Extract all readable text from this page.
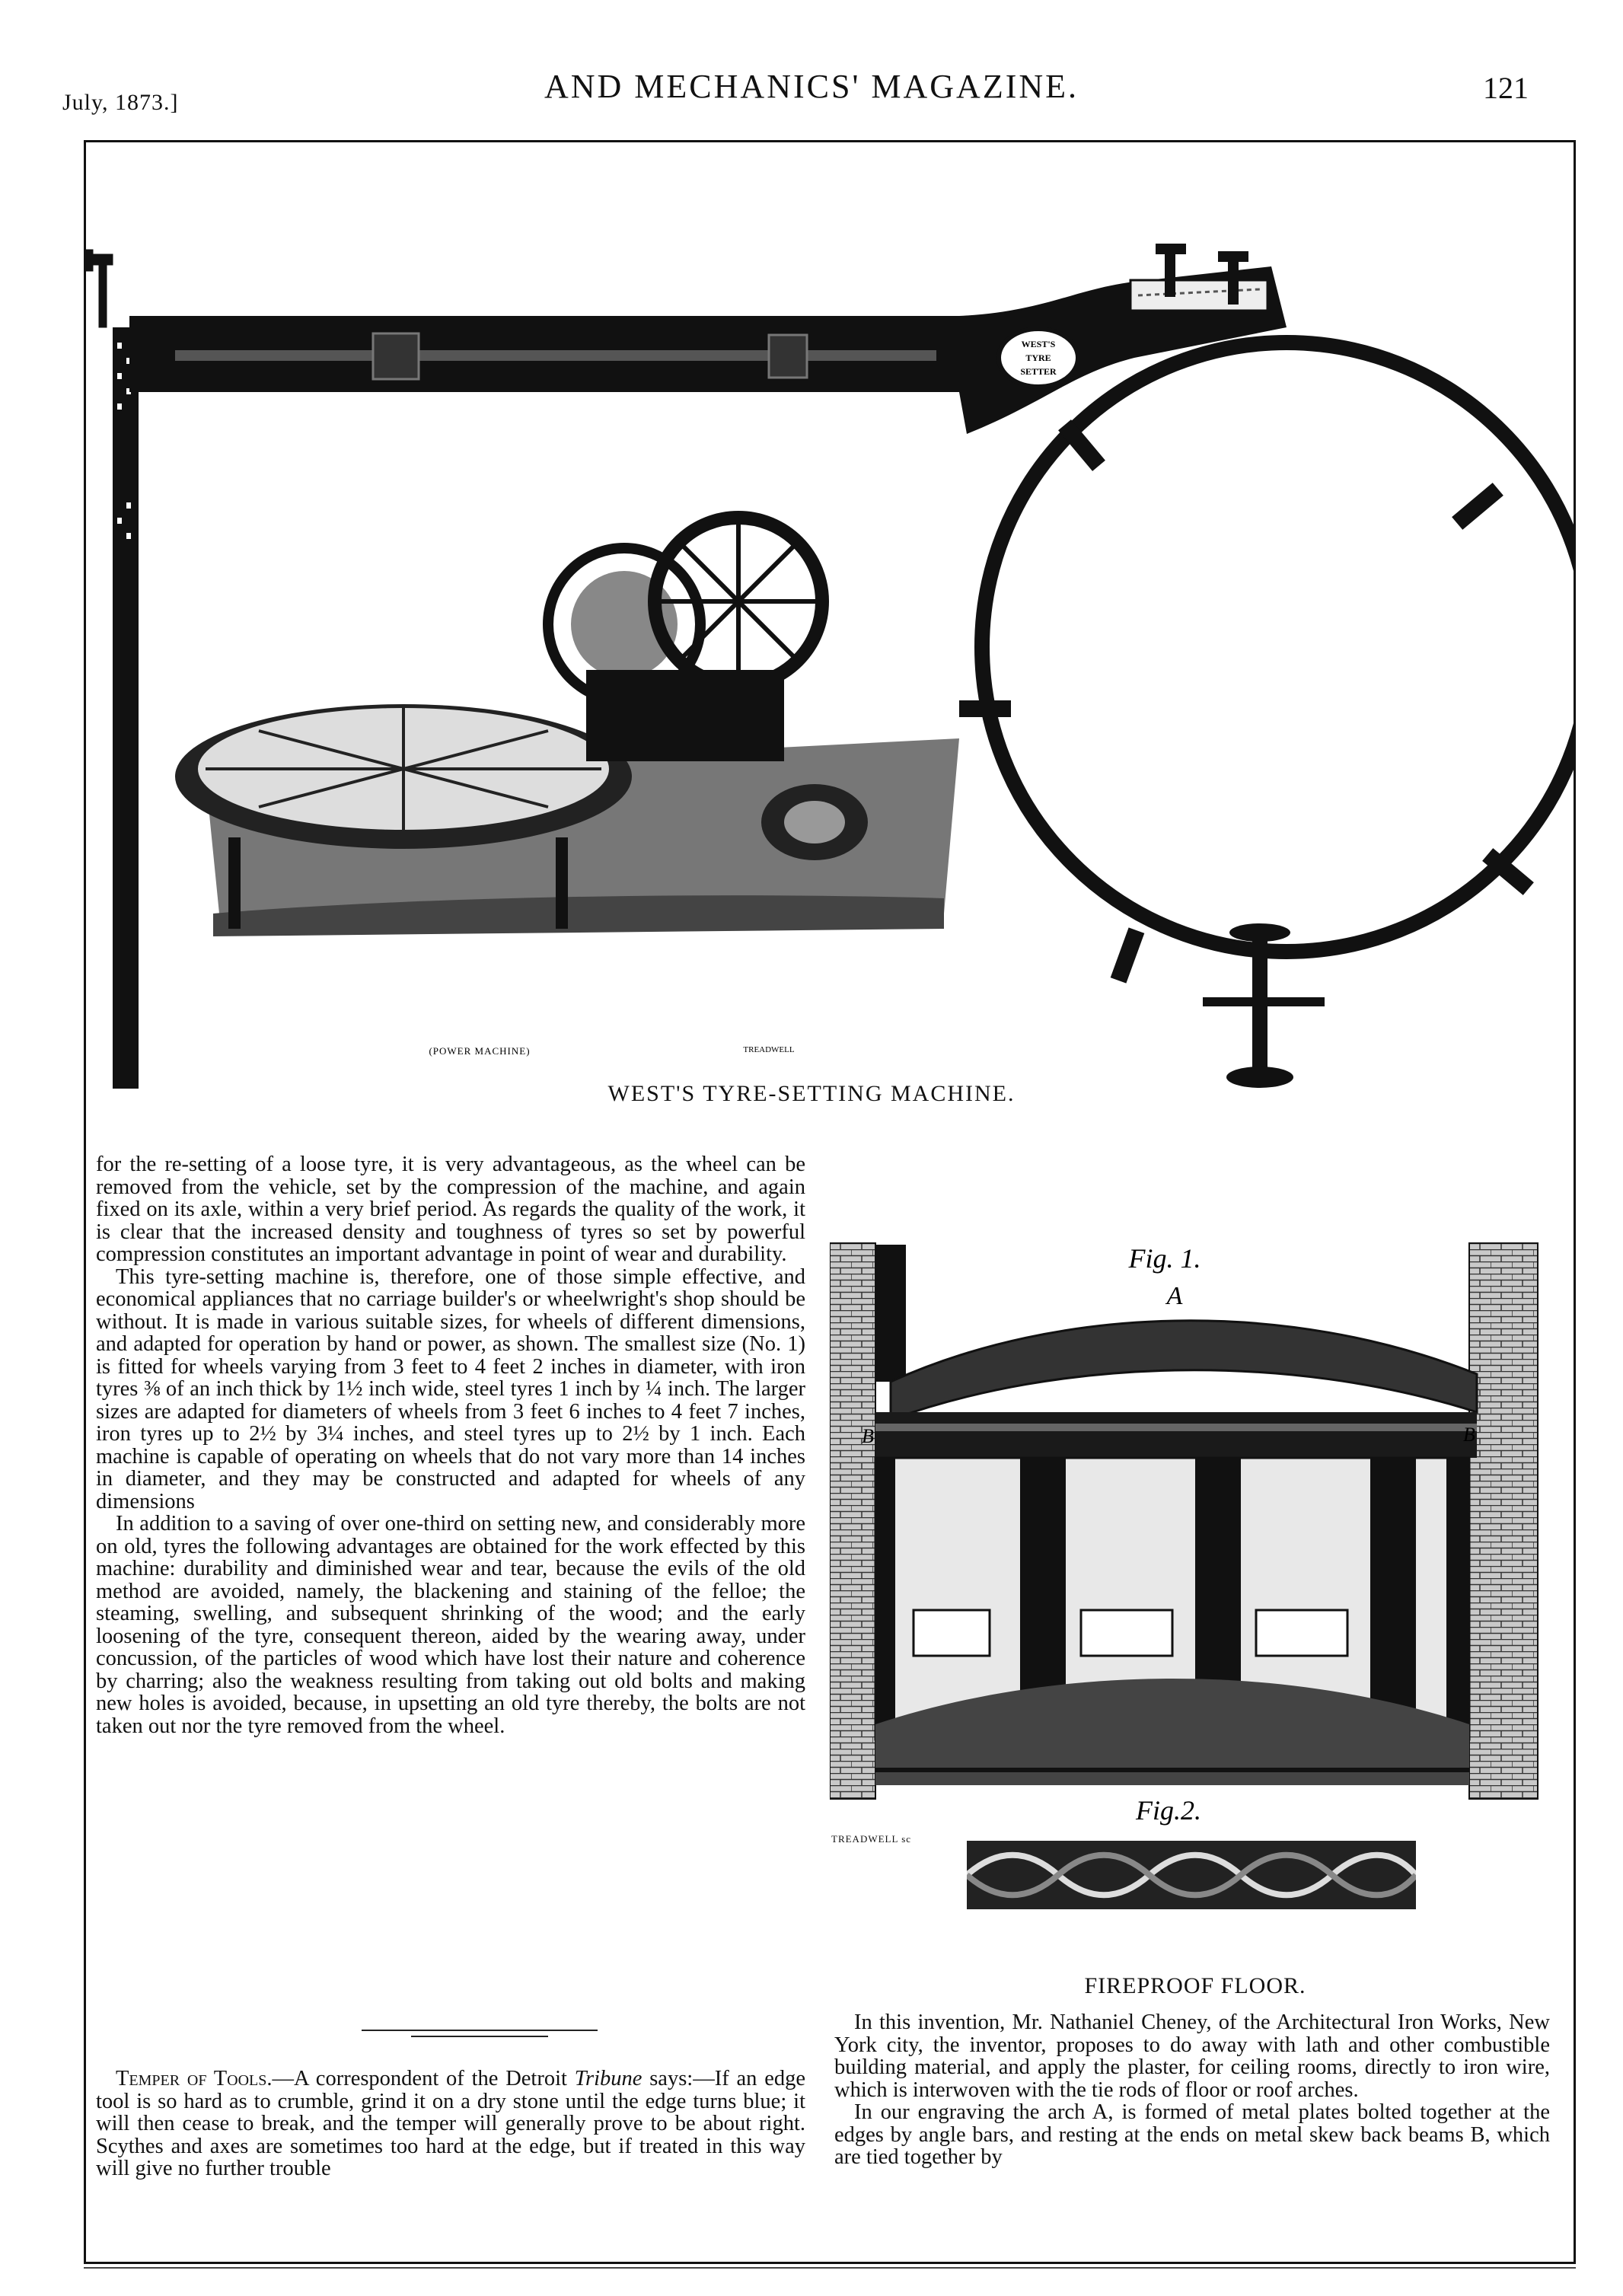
July, 1873.]	AND MECHANICS' MAGAZINE.	121
WEST'S
TYRE
SETTER
(POWER MACHINE)	TREADWELL
WEST'S TYRE-SETTING MACHINE.

for the re-setting of a loose tyre, it is very advantageous, as the wheel can be removed from the vehicle, set by the compression of the machine, and again fixed on its axle, within a very brief period. As regards the quality of the work, it is clear that the increased density and toughness of tyres so set by powerful compression constitutes an important advantage in point of wear and durability.

This tyre-setting machine is, therefore, one of those simple effective, and economical appliances that no carriage builder's or wheelwright's shop should be without. It is made in various suitable sizes, for wheels of different dimensions, and adapted for operation by hand or power, as shown. The smallest size (No. 1) is fitted for wheels varying from 3 feet to 4 feet 2 inches in diameter, with iron tyres ⅜ of an inch thick by 1½ inch wide, steel tyres 1 inch by ¼ inch. The larger sizes are adapted for diameters of wheels from 3 feet 6 inches to 4 feet 7 inches, iron tyres up to 2½ by 3¼ inches, and steel tyres up to 2½ by 1 inch. Each machine is capable of operating on wheels that do not vary more than 14 inches in diameter, and they may be constructed and adapted for wheels of any dimensions

In addition to a saving of over one-third on setting new, and considerably more on old, tyres the following advantages are obtained for the work effected by this machine: durability and diminished wear and tear, because the evils of the old method are avoided, namely, the blackening and staining of the felloe; the steaming, swelling, and subsequent shrinking of the wood; and the early loosening of the tyre, consequent thereon, aided by the wearing away, under concussion, of the particles of wood which have lost their nature and coherence by charring; also the weakness resulting from taking out old bolts and making new holes is avoided, because, in upsetting an old tyre thereby, the bolts are not taken out nor the tyre removed from the wheel.

Temper of Tools.—A correspondent of the Detroit Tribune says:—If an edge tool is so hard as to crumble, grind it on a dry stone until the edge turns blue; it will then cease to break, and the temper will generally prove to be about right. Scythes and axes are sometimes too hard at the edge, but if treated in this way will give no further trouble

Fig. 1.
A
B	B
Fig.2.
TREADWELL sc
FIREPROOF FLOOR.

In this invention, Mr. Nathaniel Cheney, of the Architectural Iron Works, New York city, the inventor, proposes to do away with lath and other combustible building material, and apply the plaster, for ceiling rooms, directly to iron wire, which is interwoven with the tie rods of floor or roof arches.

In our engraving the arch A, is formed of metal plates bolted together at the edges by angle bars, and resting at the ends on metal skew back beams B, which are tied together by
